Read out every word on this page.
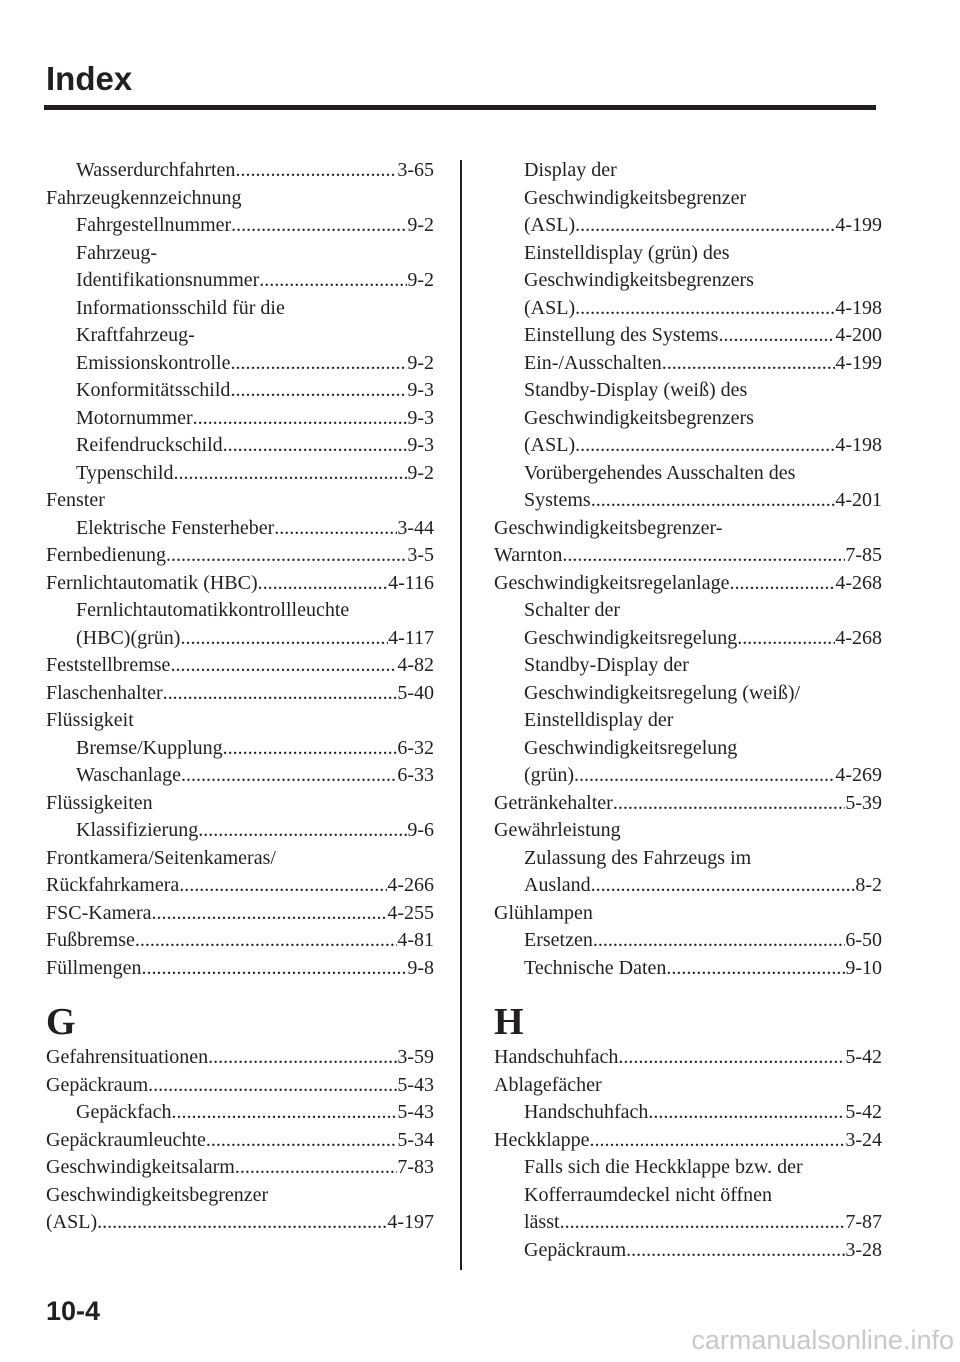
Index
Wasserdurchfahrten .....	3-65
Fahrzeugkennzeichnung
Fahrgestellnummer .....	9-2
Fahrzeug-
Identifikationsnummer .....	9-2
Informationsschild für die
Kraftfahrzeug-
Emissionskontrolle .....	9-2
Konformitätsschild .....	9-3
Motornummer .....	9-3
Reifendruckschild .....	9-3
Typenschild .....	9-2
Fenster
Elektrische Fensterheber .....	3-44
Fernbedienung .....	3-5
Fernlichtautomatik (HBC) .....	4-116
Fernlichtautomatikkontrollleuchte
(HBC)(grün) .....	4-117
Feststellbremse .....	4-82
Flaschenhalter .....	5-40
Flüssigkeit
Bremse/Kupplung .....	6-32
Waschanlage .....	6-33
Flüssigkeiten
Klassifizierung .....	9-6
Frontkamera/Seitenkameras/
Rückfahrkamera .....	4-266
FSC-Kamera .....	4-255
Fußbremse .....	4-81
Füllmengen .....	9-8
G
Gefahrensituationen .....	3-59
Gepäckraum .....	5-43
Gepäckfach .....	5-43
Gepäckraumleuchte .....	5-34
Geschwindigkeitsalarm .....	7-83
Geschwindigkeitsbegrenzer
(ASL) .....	4-197
Display der
Geschwindigkeitsbegrenzer
(ASL) .....	4-199
Einstelldisplay (grün) des
Geschwindigkeitsbegrenzers
(ASL) .....	4-198
Einstellung des Systems .....	4-200
Ein-/Ausschalten .....	4-199
Standby-Display (weiß) des
Geschwindigkeitsbegrenzers
(ASL) .....	4-198
Vorübergehendes Ausschalten des
Systems .....	4-201
Geschwindigkeitsbegrenzer-
Warnton .....	7-85
Geschwindigkeitsregelanlage .....	4-268
Schalter der
Geschwindigkeitsregelung .....	4-268
Standby-Display der
Geschwindigkeitsregelung (weiß)/
Einstelldisplay der
Geschwindigkeitsregelung
(grün) .....	4-269
Getränkehalter .....	5-39
Gewährleistung
Zulassung des Fahrzeugs im
Ausland .....	8-2
Glühlampen
Ersetzen .....	6-50
Technische Daten .....	9-10
H
Handschuhfach .....	5-42
Ablagefächer
Handschuhfach .....	5-42
Heckklappe .....	3-24
Falls sich die Heckklappe bzw. der
Kofferraumdeckel nicht öffnen
lässt .....	7-87
Gepäckraum .....	3-28
10-4
carmanualsonline.info
